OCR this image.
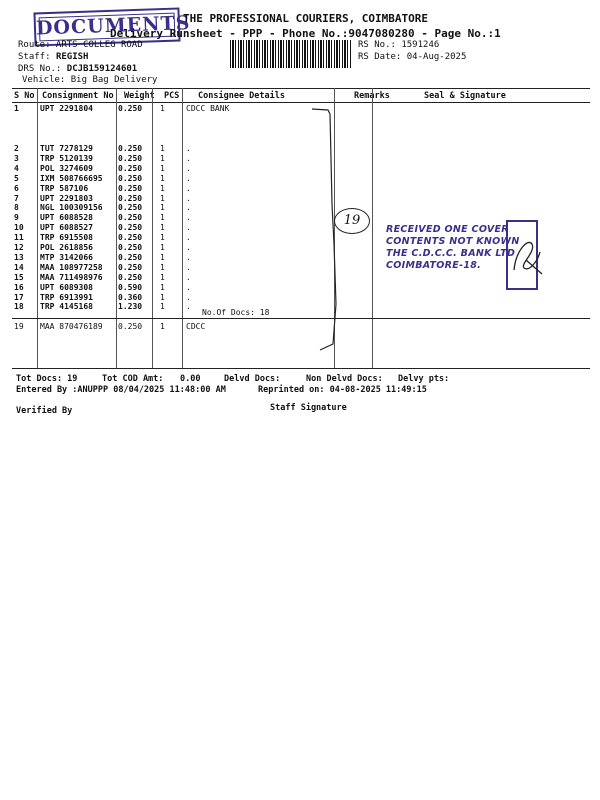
DOCUMENTS
THE PROFESSIONAL COURIERS, COIMBATORE
Delivery Runsheet - PPP - Phone No.:9047080280 - Page No.:1
Route: ARTS COLLEG ROAD
Staff: REGISH
DRS No.: DCJB159124601
Vehicle: Big Bag Delivery
RS No.: 1591246
RS Date: 04-Aug-2025
S No	Consignment No	Weight	PCS	Consignee Details	Remarks	Seal & Signature
1	UPT 2291804	0.250 1	CDCC BANK
2	TUT 7278129	0.250 1	.
3	TRP 5120139	0.250 1	.
4	POL 3274609	0.250 1	.
5	IXM 508766695 0.250 1	.
6	TRP 587106	0.250 1	.
7	UPT 2291803	0.250 1	.
8	NGL 100309156 0.250 1	.
9	UPT 6088528	0.250 1	.
10 UPT 6088527	0.250 1	.
11 TRP 6915508	0.250 1	.
12 POL 2618856	0.250 1	.
13 MTP 3142066	0.250 1	.
14 MAA 108977258 0.250 1	.
15 MAA 711498976 0.250 1	.
16 UPT 6089308	0.590 1	.
17 TRP 6913991	0.360 1	.
18 TRP 4145168	1.230 1	.
No.Of Docs: 18
19 MAA 870476189 0.250 1	CDCC
19
RECEIVED ONE COVER
CONTENTS NOT KNOWN
THE C.D.C.C. BANK LTD
COIMBATORE-18.
Tot Docs: 19	Tot COD Amt: 0.00	Delvd Docs:	Non Delvd Docs: Delvy pts:
Entered By :ANUPPP 08/04/2025 11:48:00 AM	Reprinted on: 04-08-2025 11:49:15
Verified By	Staff Signature
